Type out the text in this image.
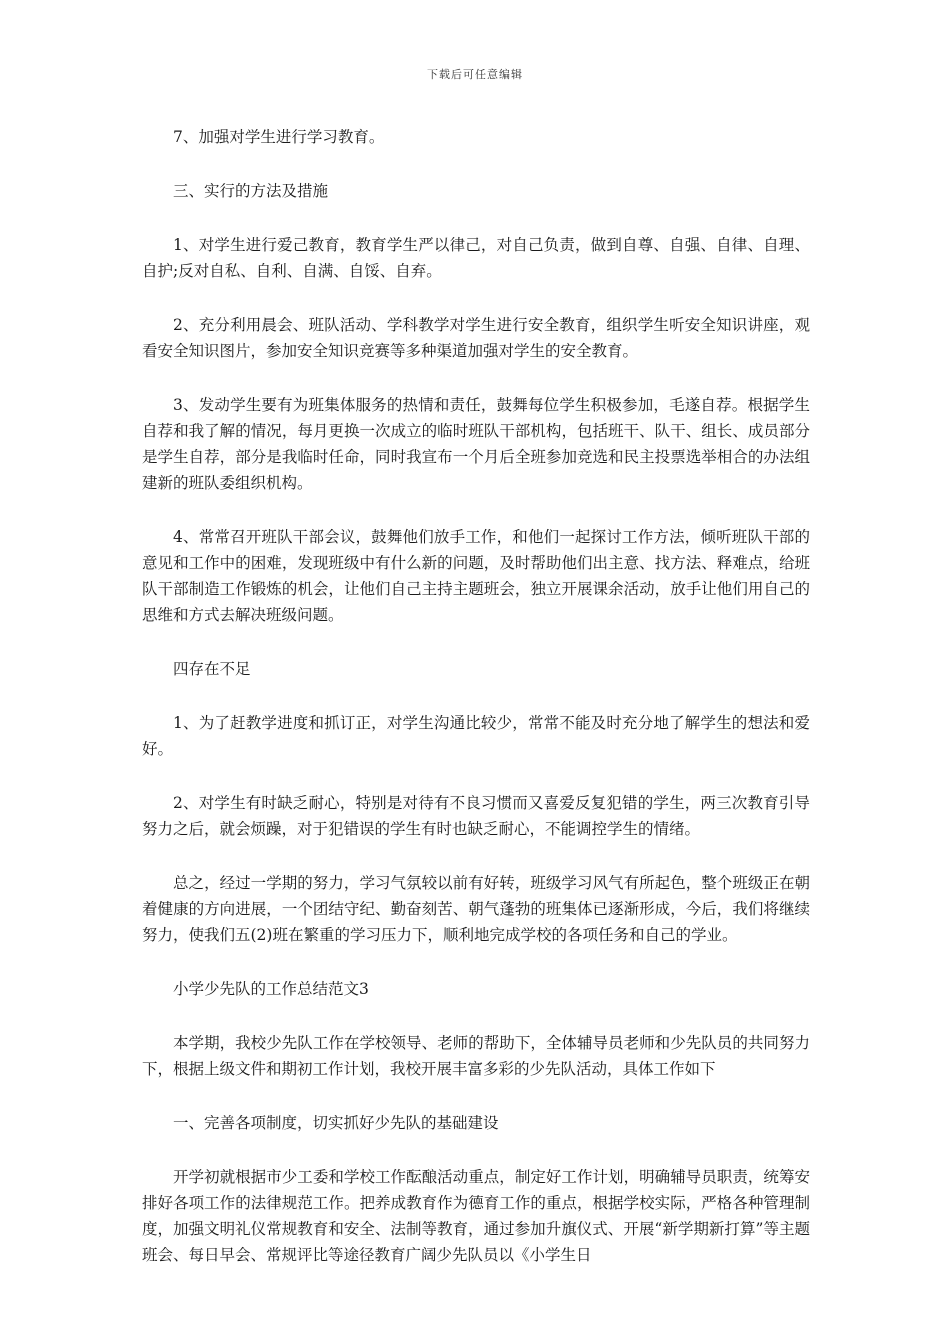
下载后可任意编辑

7、加强对学生进行学习教育。

三、实行的方法及措施

1、对学生进行爱己教育，教育学生严以律己，对自己负责，做到自尊、自强、自律、自理、自护;反对自私、自利、自满、自馁、自弃。

2、充分利用晨会、班队活动、学科教学对学生进行安全教育，组织学生听安全知识讲座，观看安全知识图片，参加安全知识竞赛等多种渠道加强对学生的安全教育。

3、发动学生要有为班集体服务的热情和责任，鼓舞每位学生积极参加，毛遂自荐。根据学生自荐和我了解的情况，每月更换一次成立的临时班队干部机构，包括班干、队干、组长、成员部分是学生自荐，部分是我临时任命，同时我宣布一个月后全班参加竞选和民主投票选举相合的办法组建新的班队委组织机构。

4、常常召开班队干部会议，鼓舞他们放手工作，和他们一起探讨工作方法，倾听班队干部的意见和工作中的困难，发现班级中有什么新的问题，及时帮助他们出主意、找方法、释难点，给班队干部制造工作锻炼的机会，让他们自己主持主题班会，独立开展课余活动，放手让他们用自己的思维和方式去解决班级问题。

四存在不足

1、为了赶教学进度和抓订正，对学生沟通比较少，常常不能及时充分地了解学生的想法和爱好。

2、对学生有时缺乏耐心，特别是对待有不良习惯而又喜爱反复犯错的学生，两三次教育引导努力之后，就会烦躁，对于犯错误的学生有时也缺乏耐心，不能调控学生的情绪。

总之，经过一学期的努力，学习气氛较以前有好转，班级学习风气有所起色，整个班级正在朝着健康的方向进展，一个团结守纪、勤奋刻苦、朝气蓬勃的班集体已逐渐形成，今后，我们将继续努力，使我们五(2)班在繁重的学习压力下，顺利地完成学校的各项任务和自己的学业。

小学少先队的工作总结范文3

本学期，我校少先队工作在学校领导、老师的帮助下，全体辅导员老师和少先队员的共同努力下，根据上级文件和期初工作计划，我校开展丰富多彩的少先队活动，具体工作如下

一、完善各项制度，切实抓好少先队的基础建设

开学初就根据市少工委和学校工作酝酿活动重点，制定好工作计划，明确辅导员职责，统筹安排好各项工作的法律规范工作。把养成教育作为德育工作的重点，根据学校实际，严格各种管理制度，加强文明礼仪常规教育和安全、法制等教育，通过参加升旗仪式、开展“新学期新打算”等主题班会、每日早会、常规评比等途径教育广阔少先队员以《小学生日
